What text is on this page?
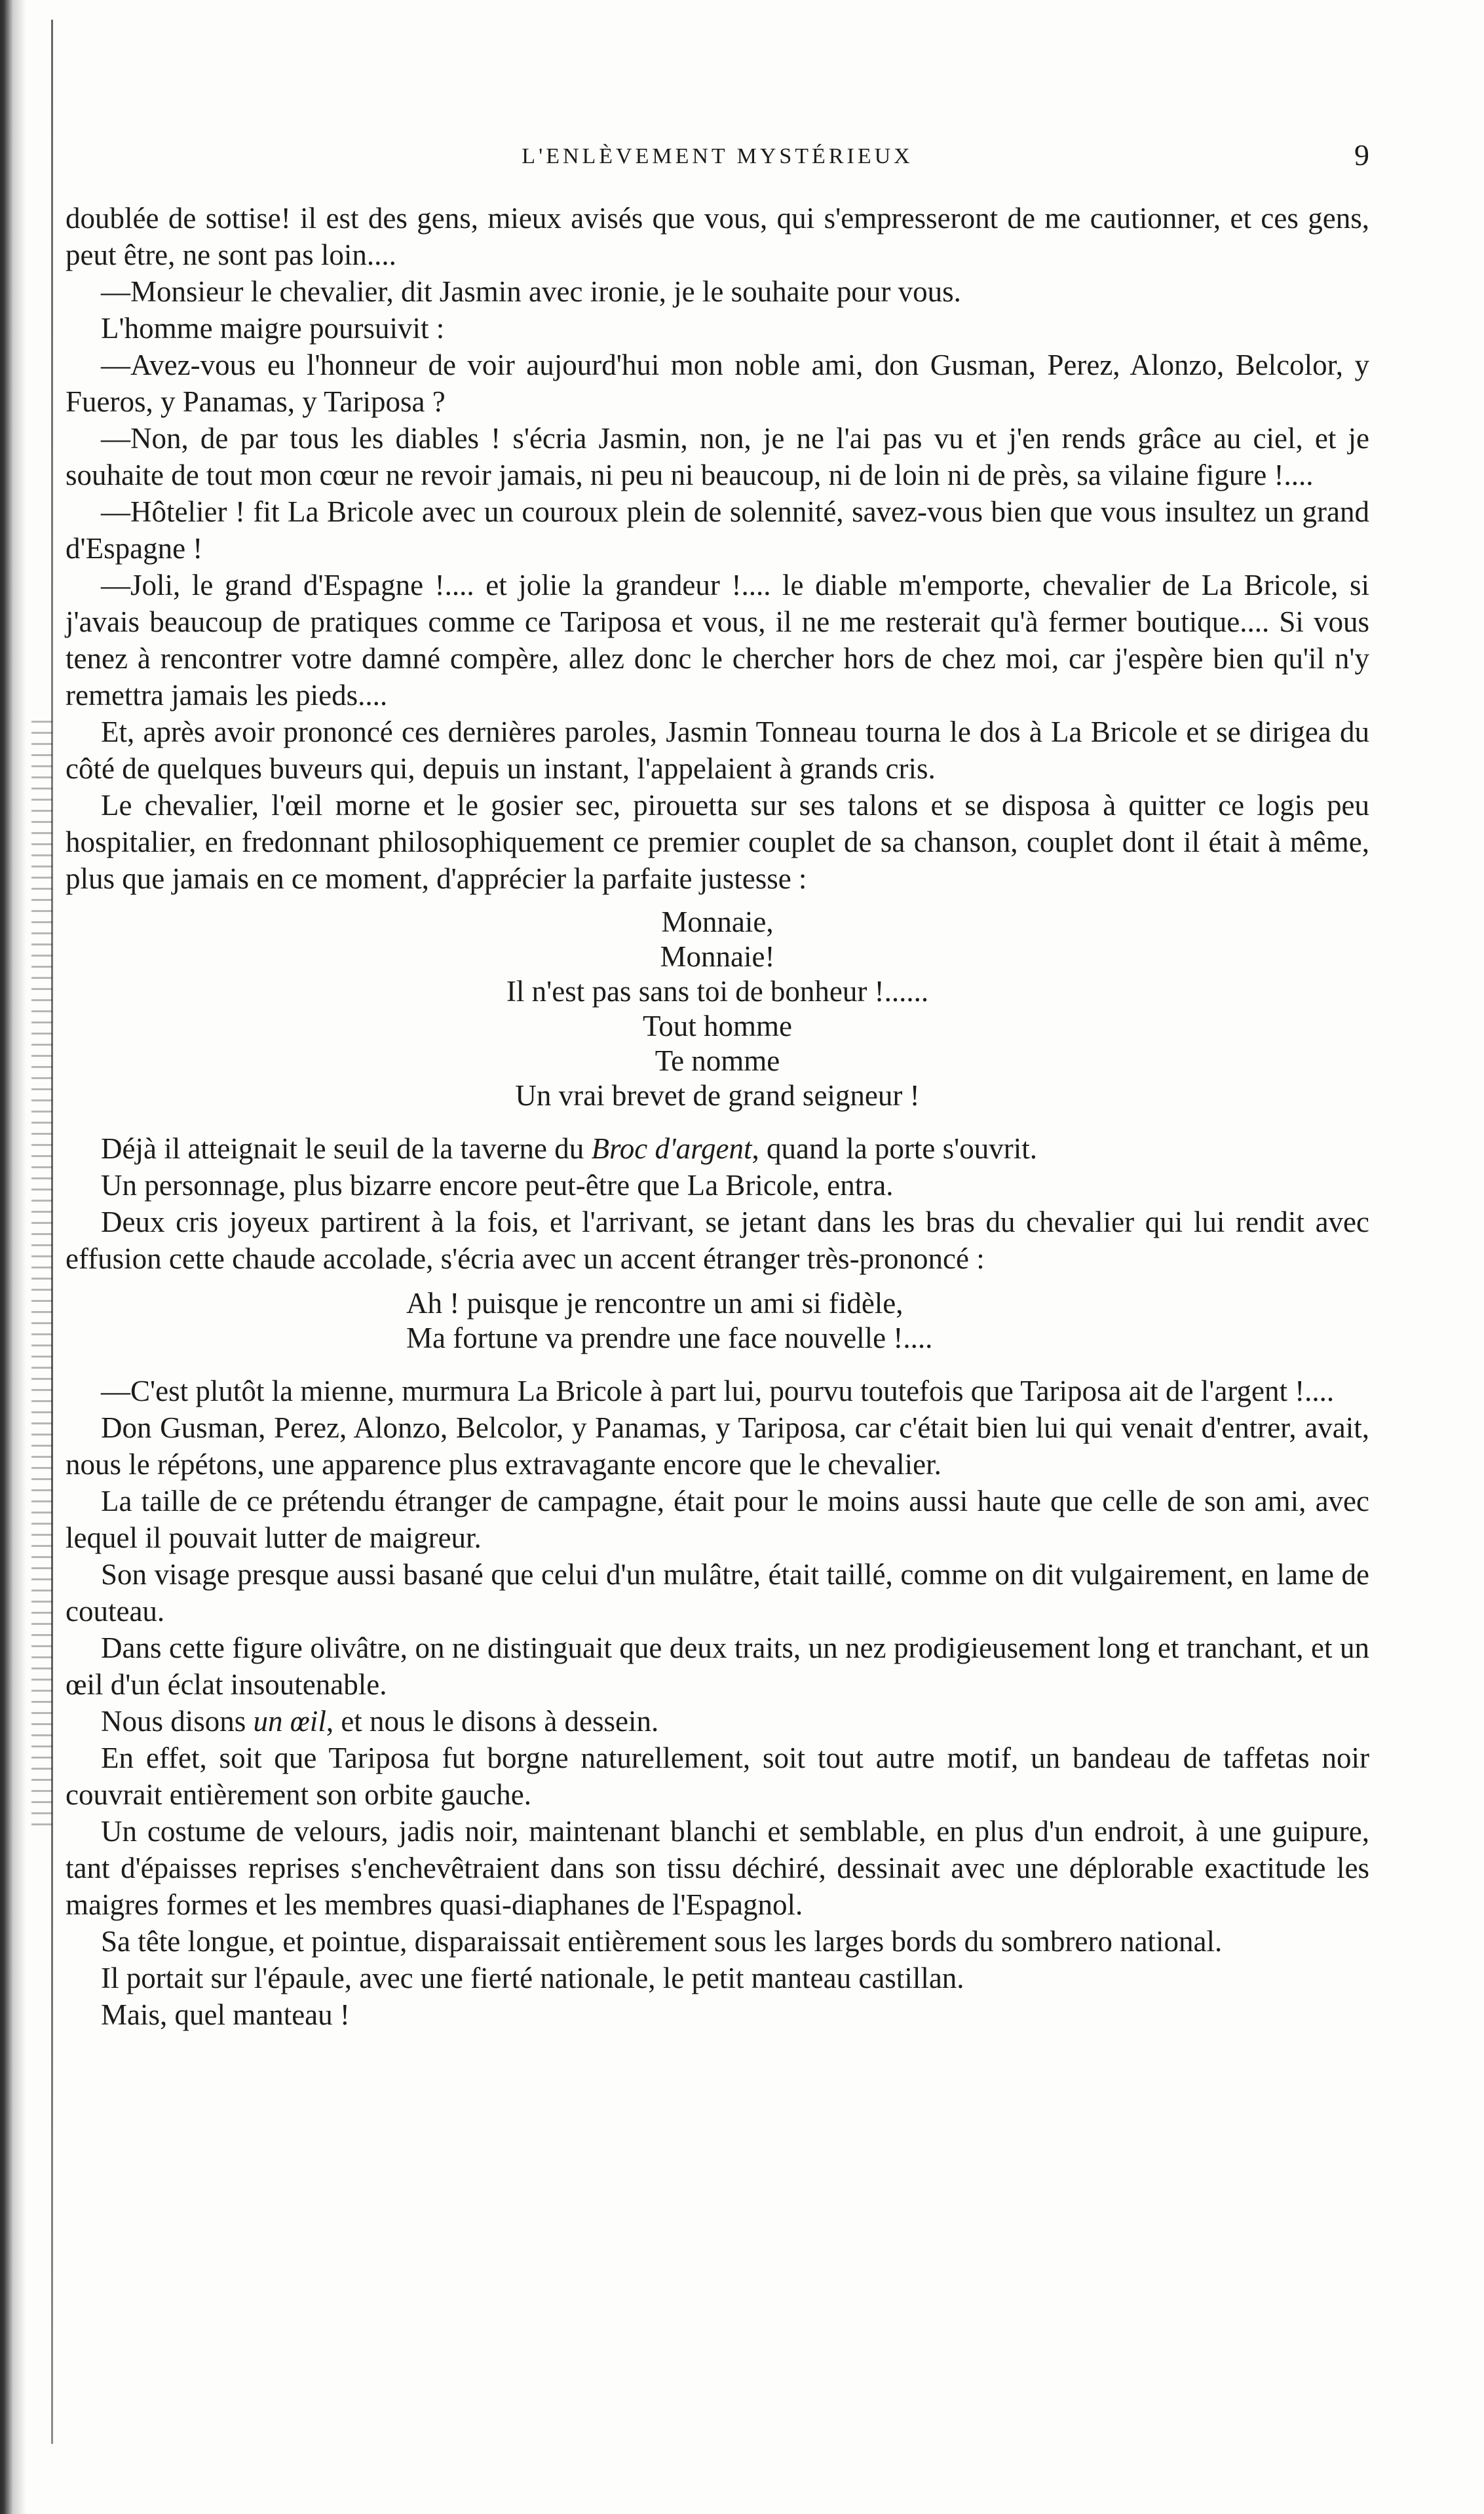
L'ENLÈVEMENT MYSTÉRIEUX	9

doublée de sottise! il est des gens, mieux avisés que vous, qui s'empresseront de me cautionner, et ces gens, peut être, ne sont pas loin....

—Monsieur le chevalier, dit Jasmin avec ironie, je le souhaite pour vous.

L'homme maigre poursuivit :

—Avez-vous eu l'honneur de voir aujourd'hui mon noble ami, don Gusman, Perez, Alonzo, Belcolor, y Fueros, y Panamas, y Tariposa ?

—Non, de par tous les diables ! s'écria Jasmin, non, je ne l'ai pas vu et j'en rends grâce au ciel, et je souhaite de tout mon cœur ne revoir jamais, ni peu ni beaucoup, ni de loin ni de près, sa vilaine figure !....

—Hôtelier ! fit La Bricole avec un couroux plein de solennité, savez-vous bien que vous insultez un grand d'Espagne !

—Joli, le grand d'Espagne !.... et jolie la grandeur !.... le diable m'emporte, chevalier de La Bricole, si j'avais beaucoup de pratiques comme ce Tariposa et vous, il ne me resterait qu'à fermer boutique.... Si vous tenez à rencontrer votre damné compère, allez donc le chercher hors de chez moi, car j'espère bien qu'il n'y remettra jamais les pieds....

Et, après avoir prononcé ces dernières paroles, Jasmin Tonneau tourna le dos à La Bricole et se dirigea du côté de quelques buveurs qui, depuis un instant, l'appelaient à grands cris.

Le chevalier, l'œil morne et le gosier sec, pirouetta sur ses talons et se disposa à quitter ce logis peu hospitalier, en fredonnant philosophiquement ce premier couplet de sa chanson, couplet dont il était à même, plus que jamais en ce moment, d'apprécier la parfaite justesse :

Monnaie,
Monnaie!
Il n'est pas sans toi de bonheur !......
Tout homme
Te nomme
Un vrai brevet de grand seigneur !

Déjà il atteignait le seuil de la taverne du Broc d'argent, quand la porte s'ouvrit.

Un personnage, plus bizarre encore peut-être que La Bricole, entra.

Deux cris joyeux partirent à la fois, et l'arrivant, se jetant dans les bras du chevalier qui lui rendit avec effusion cette chaude accolade, s'écria avec un accent étranger très-prononcé :

Ah ! puisque je rencontre un ami si fidèle,
Ma fortune va prendre une face nouvelle !....

—C'est plutôt la mienne, murmura La Bricole à part lui, pourvu toutefois que Tariposa ait de l'argent !....

Don Gusman, Perez, Alonzo, Belcolor, y Panamas, y Tariposa, car c'était bien lui qui venait d'entrer, avait, nous le répétons, une apparence plus extravagante encore que le chevalier.

La taille de ce prétendu étranger de campagne, était pour le moins aussi haute que celle de son ami, avec lequel il pouvait lutter de maigreur.

Son visage presque aussi basané que celui d'un mulâtre, était taillé, comme on dit vulgairement, en lame de couteau.

Dans cette figure olivâtre, on ne distinguait que deux traits, un nez prodigieusement long et tranchant, et un œil d'un éclat insoutenable.

Nous disons un œil, et nous le disons à dessein.

En effet, soit que Tariposa fut borgne naturellement, soit tout autre motif, un bandeau de taffetas noir couvrait entièrement son orbite gauche.

Un costume de velours, jadis noir, maintenant blanchi et semblable, en plus d'un endroit, à une guipure, tant d'épaisses reprises s'enchevêtraient dans son tissu déchiré, dessinait avec une déplorable exactitude les maigres formes et les membres quasi-diaphanes de l'Espagnol.

Sa tête longue, et pointue, disparaissait entièrement sous les larges bords du sombrero national.

Il portait sur l'épaule, avec une fierté nationale, le petit manteau castillan.

Mais, quel manteau !
